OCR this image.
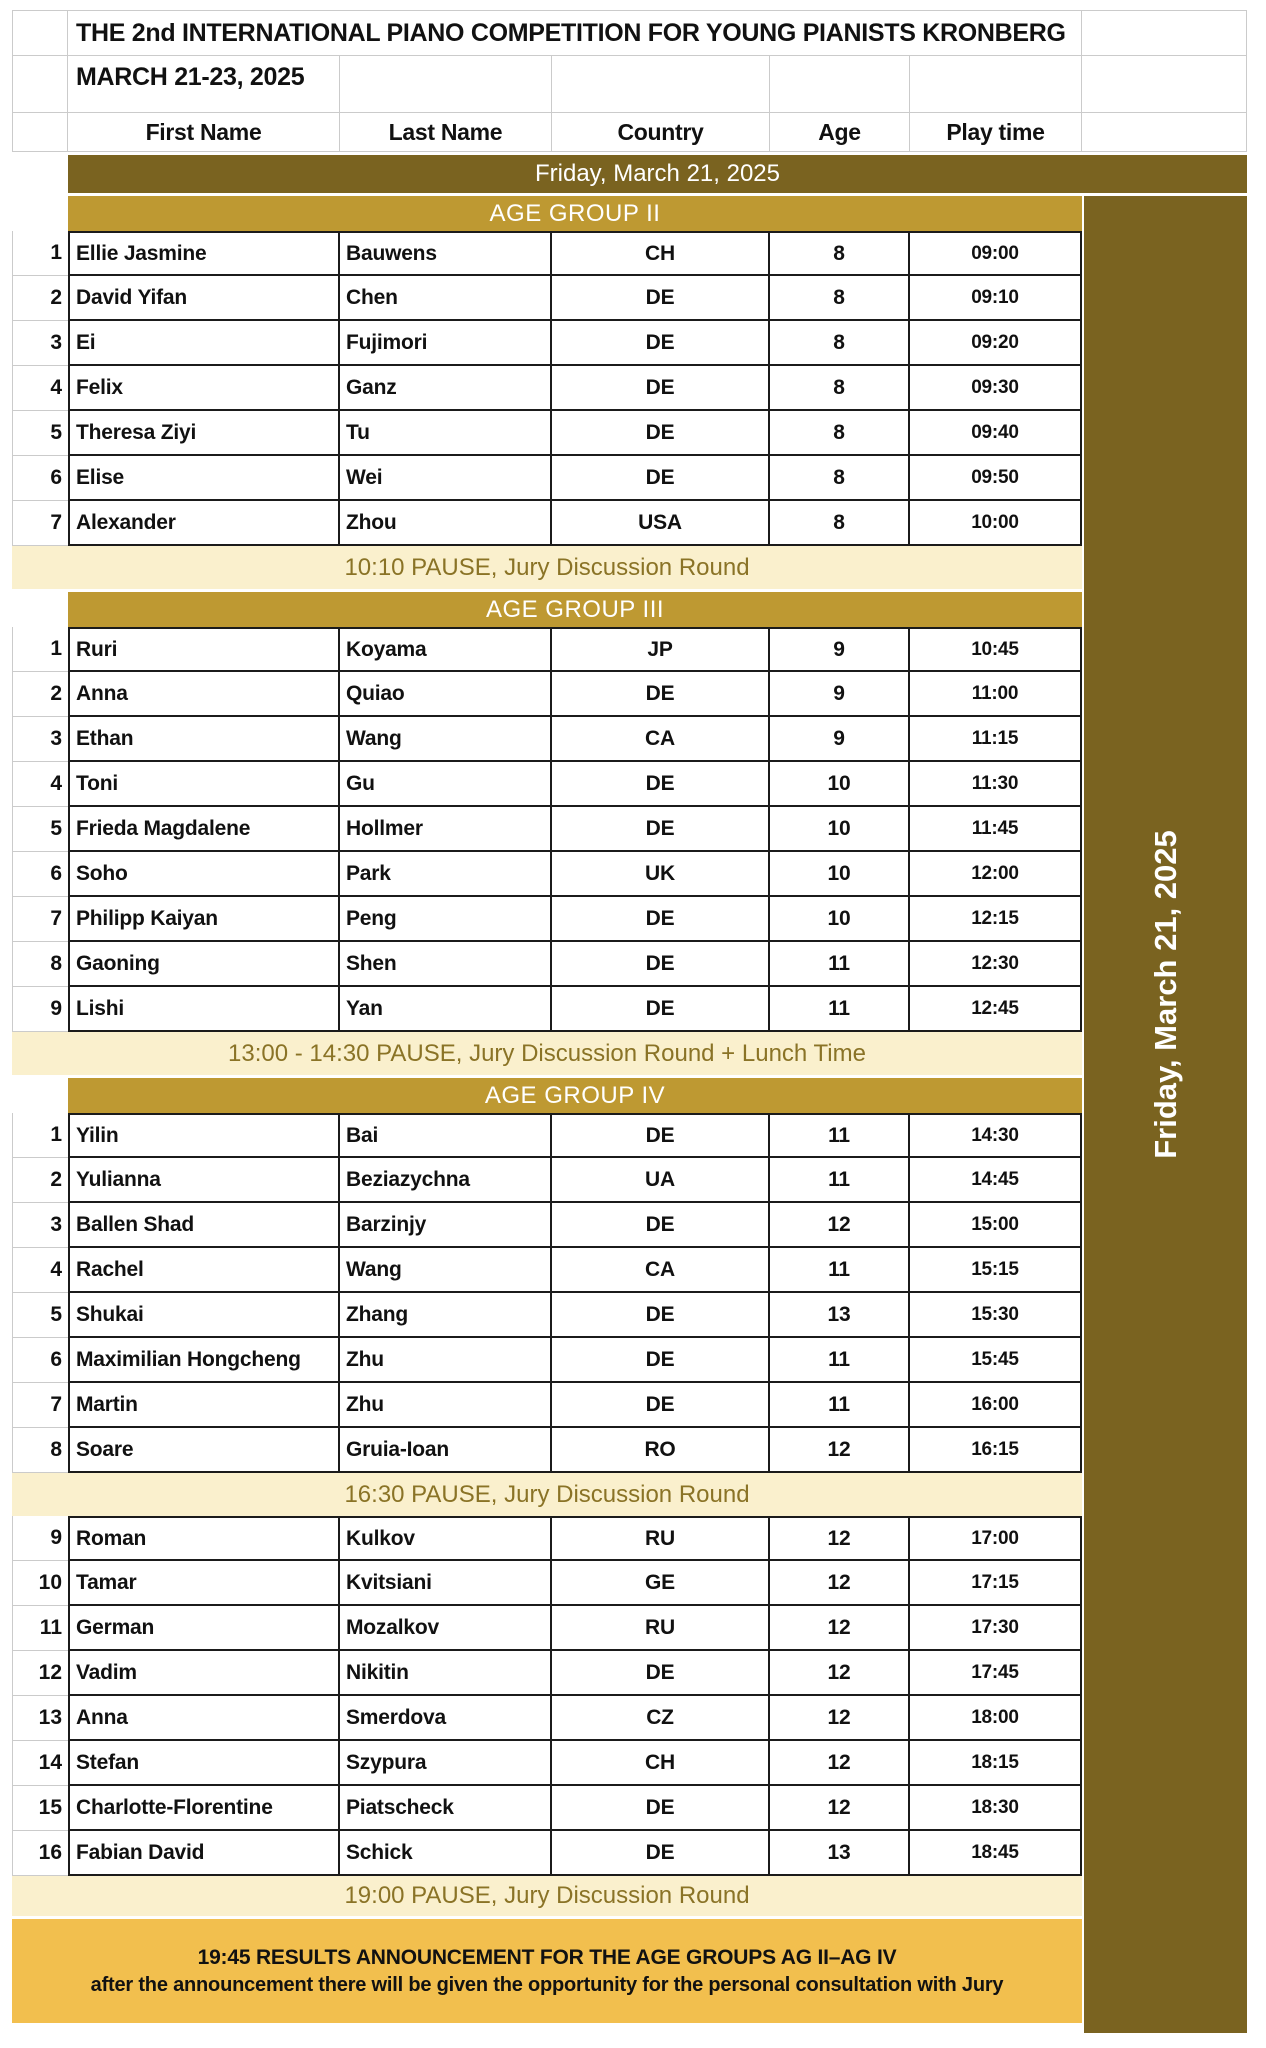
THE 2nd INTERNATIONAL PIANO COMPETITION FOR YOUNG PIANISTS KRONBERG
MARCH 21-23, 2025
First Name	Last Name	Country	Age	Play time
Friday, March 21, 2025
AGE GROUP II
1 Ellie Jasmine	Bauwens	CH	8	09:00
2 David Yifan	Chen	DE	8	09:10
3 Ei	Fujimori	DE	8	09:20
4 Felix	Ganz	DE	8	09:30
5 Theresa Ziyi	Tu	DE	8	09:40
6 Elise	Wei	DE	8	09:50
7 Alexander	Zhou	USA	8	10:00
10:10 PAUSE, Jury Discussion Round
AGE GROUP III
1 Ruri	Koyama	JP	9	10:45
2 Anna	Quiao	DE	9	11:00
3 Ethan	Wang	CA	9	11:15
4 Toni	Gu	DE	10	11:30
5 Frieda Magdalene	Hollmer	DE	10	11:45
6 Soho	Park	UK	10	12:00
7 Philipp Kaiyan	Peng	DE	10	12:15
8 Gaoning	Shen	DE	11	12:30
9 Lishi	Yan	DE	11	12:45
13:00 - 14:30 PAUSE, Jury Discussion Round + Lunch Time
AGE GROUP IV
1 Yilin	Bai	DE	11	14:30
2 Yulianna	Beziazychna	UA	11	14:45
3 Ballen Shad	Barzinjy	DE	12	15:00
4 Rachel	Wang	CA	11	15:15
5 Shukai	Zhang	DE	13	15:30
6 Maximilian Hongcheng	Zhu	DE	11	15:45
7 Martin	Zhu	DE	11	16:00
8 Soare	Gruia-Ioan	RO	12	16:15
16:30 PAUSE, Jury Discussion Round
9 Roman	Kulkov	RU	12	17:00
10 Tamar	Kvitsiani	GE	12	17:15
11 German	Mozalkov	RU	12	17:30
12 Vadim	Nikitin	DE	12	17:45
13 Anna	Smerdova	CZ	12	18:00
14 Stefan	Szypura	CH	12	18:15
15 Charlotte-Florentine	Piatscheck	DE	12	18:30
16 Fabian David	Schick	DE	13	18:45
19:00 PAUSE, Jury Discussion Round
19:45 RESULTS ANNOUNCEMENT FOR THE AGE GROUPS AG II–AG IV
after the announcement there will be given the opportunity for the personal consultation with Jury
Friday, March 21, 2025
